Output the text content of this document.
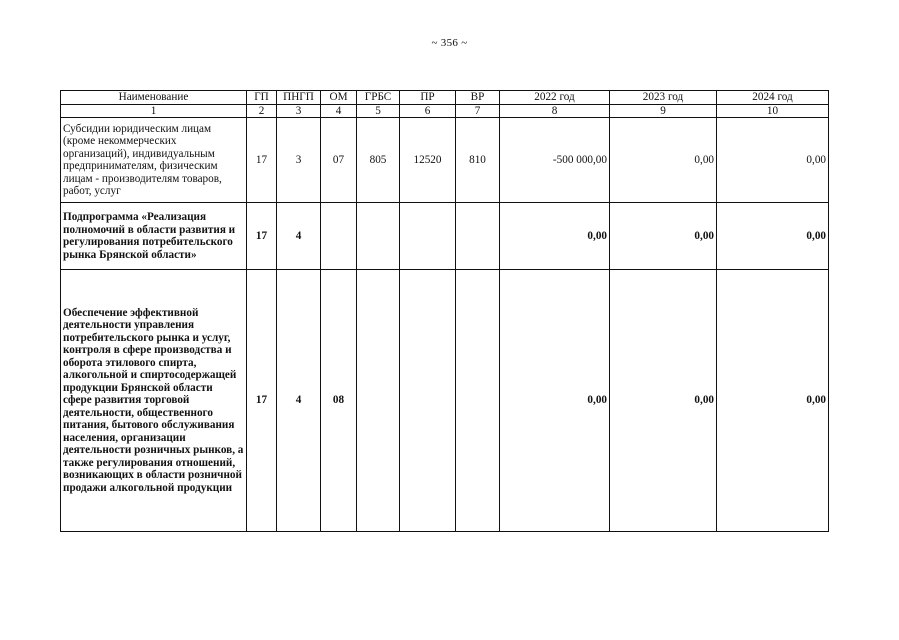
~ 356 ~
Наименование	ГП	ПНГП	ОМ	ГРБС	ПР	ВР	2022 год	2023 год	2024 год
1	2	3	4	5	6	7	8	9	10
Субсидии юридическим лицам (кроме некоммерческих организаций), индивидуальным предпринимателям, физическим лицам - производителям товаров, работ, услуг	17	3	07	805	12520	810	-500 000,00	0,00	0,00
Подпрограмма «Реализация полномочий в области развития и регулирования потребительского рынка Брянской области»	17	4					0,00	0,00	0,00
Обеспечение эффективной деятельности управления потребительского рынка и услуг, контроля в сфере производства и оборота этилового спирта, алкогольной и спиртосодержащей продукции Брянской области сфере развития торговой деятельности, общественного питания, бытового обслуживания населения, организации деятельности розничных рынков, а также регулирования отношений, возникающих в области розничной продажи алкогольной продукции	17	4	08				0,00	0,00	0,00
